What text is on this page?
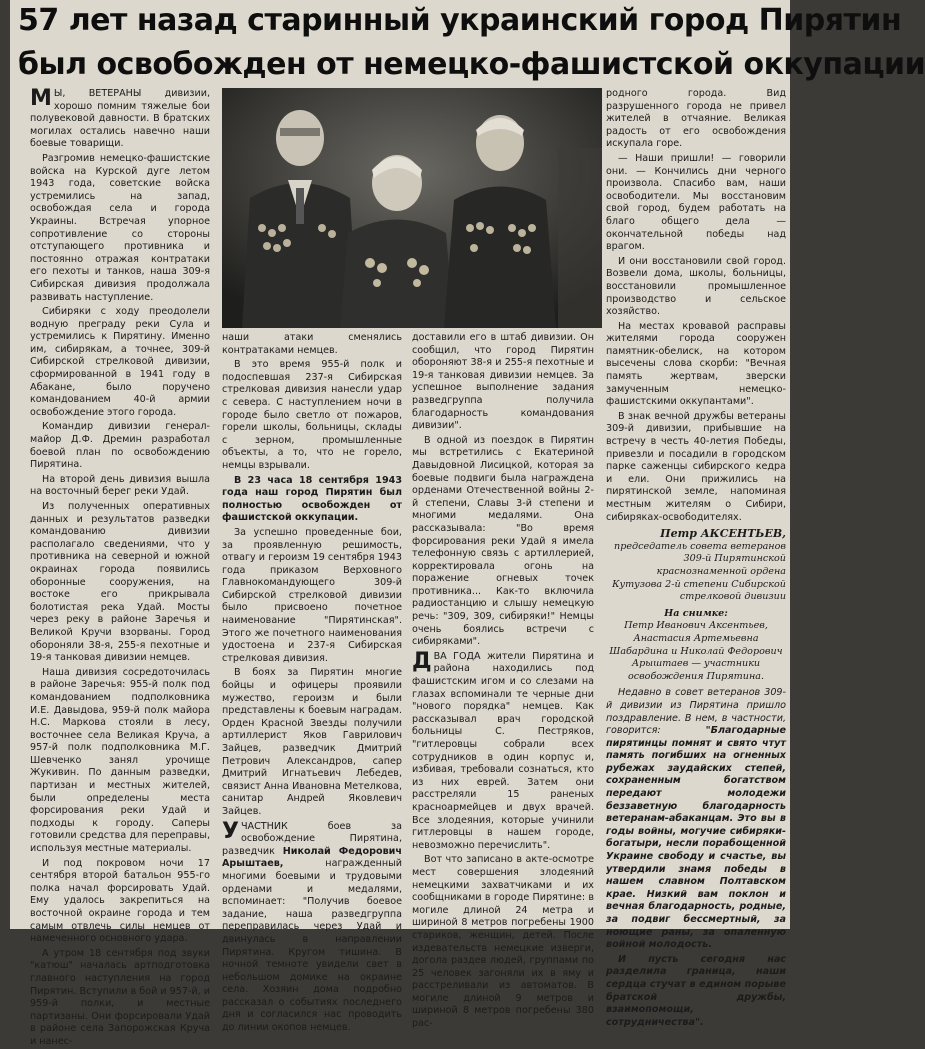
57 лет назад старинный украинский город Пирятин
был освобожден от немецко-фашистской оккупации

М Ы, ВЕТЕРАНЫ дивизии, хорошо помним тяжелые бои полувековой давности. В братских могилах остались навечно наши боевые товарищи.

Разгромив немецко-фашистские войска на Курской дуге летом 1943 года, советские войска устремились на запад, освобождая села и города Украины. Встречая упорное сопротивление со стороны отступающего противника и постоянно отражая контратаки его пехоты и танков, наша 309-я Сибирская дивизия продолжала развивать наступление.

Сибиряки с ходу преодолели водную преграду реки Сула и устремились к Пирятину. Именно им, сибирякам, а точнее, 309-й Сибирской стрелковой дивизии, сформированной в 1941 году в Абакане, было поручено командованием 40-й армии освобождение этого города.

Командир дивизии генерал-майор Д.Ф. Дремин разработал боевой план по освобождению Пирятина.

На второй день дивизия вышла на восточный берег реки Удай.

Из полученных оперативных данных и результатов разведки командованию дивизии располагало сведениями, что у противника на северной и южной окраинах города появились оборонные сооружения, на востоке его прикрывала болотистая река Удай. Мосты через реку в районе Заречья и Великой Кручи взорваны. Город обороняли 38-я, 255-я пехотные и 19-я танковая дивизии немцев.

Наша дивизия сосредоточилась в районе Заречья: 955-й полк под командованием подполковника И.Е. Давыдова, 959-й полк майора Н.С. Маркова стояли в лесу, восточнее села Великая Круча, а 957-й полк подполковника М.Г. Шевченко занял урочище Жукивин. По данным разведки, партизан и местных жителей, были определены места форсирования реки Удай и подходы к городу. Саперы готовили средства для переправы, используя местные материалы.

И под покровом ночи 17 сентября второй батальон 955-го полка начал форсировать Удай. Ему удалось закрепиться на восточной окраине города и тем самым отвлечь силы немцев от намеченного основного удара.

А утром 18 сентября под звуки "катюш" началась артподготовка главного наступления на город Пирятин. Вступили в бой и 957-й, и 959-й полки, и местные партизаны. Они форсировали Удай в районе села Запорожская Круча и нанес-

наши атаки сменялись контратаками немцев.

В это время 955-й полк и подоспевшая 237-я Сибирская стрелковая дивизия нанесли удар с севера. С наступлением ночи в городе было светло от пожаров, горели школы, больницы, склады с зерном, промышленные объекты, а то, что не горело, немцы взрывали.

В 23 часа 18 сентября 1943 года наш город Пирятин был полностью освобожден от фашистской оккупации.

За успешно проведенные бои, за проявленную решимость, отвагу и героизм 19 сентября 1943 года приказом Верховного Главнокомандующего 309-й Сибирской стрелковой дивизии было присвоено почетное наименование "Пирятинская". Этого же почетного наименования удостоена и 237-я Сибирская стрелковая дивизия.

В боях за Пирятин многие бойцы и офицеры проявили мужество, героизм и были представлены к боевым наградам. Орден Красной Звезды получили артиллерист Яков Гаврилович Зайцев, разведчик Дмитрий Петрович Александров, сапер Дмитрий Игнатьевич Лебедев, связист Анна Ивановна Метелкова, санитар Андрей Яковлевич Зайцев.

УЧАСТНИК боев за освобождение Пирятина, разведчик Николай Федорович Арыштаев,	награжденный многими боевыми и трудовыми орденами и медалями, вспоминает: "Получив боевое задание, наша разведгруппа переправилась через Удай и двинулась в направлении Пирятина. Кругом тишина. В ночной темноте увидели свет в небольшом домике на окраине села. Хозяин дома подробно рассказал о событиях последнего дня и согласился нас проводить до линии окопов немцев.

доставили его в штаб дивизии. Он сообщил, что город Пирятин обороняют 38-я и 255-я пехотные и 19-я танковая дивизии немцев. За успешное выполнение задания разведгруппа получила благодарность командования дивизии".

В одной из поездок в Пирятин мы встретились с Екатериной Давыдовной Лисицкой, которая за боевые подвиги была награждена орденами Отечественной войны 2-й степени, Славы 3-й степени и многими медалями. Она рассказывала: "Во время форсирования реки Удай я имела телефонную связь с артиллерией, корректировала огонь на поражение огневых точек противника... Как-то включила радиостанцию и слышу немецкую речь: "309, 309, сибиряки!" Немцы очень боялись встречи с сибиряками".

ДВА ГОДА жители Пирятина и района находились под фашистским игом и со слезами на глазах вспоминали те черные дни "нового порядка" немцев. Как рассказывал врач городской больницы С. Пестряков, "гитлеровцы собрали всех сотрудников в один корпус и, избивая, требовали сознаться, кто из них еврей. Затем они расстреляли 15 раненых красноармейцев и двух врачей. Все злодеяния, которые учинили гитлеровцы в нашем городе, невозможно перечислить".

Вот что записано в акте-осмотре мест совершения злодеяний немецкими захватчиками и их сообщниками в городе Пирятине: в могиле длиной 24 метра и шириной 8 метров погребены 1900 стариков, женщин, детей. После издевательств немецкие изверги, догола раздев людей, группами по 25 человек загоняли их в яму и расстреливали из автоматов. В могиле длиной 9 метров и шириной 8 метров погребены 380 рас-

родного города. Вид разрушенного города не привел жителей в отчаяние. Великая радость от его освобождения искупала горе.

— Наши пришли! — говорили они. — Кончились дни черного произвола. Спасибо вам, наши освободители. Мы восстановим свой город, будем работать на благо общего дела — окончательной победы над врагом.

И они восстановили свой город. Возвели дома, школы, больницы, восстановили промышленное производство и сельское хозяйство.

На местах кровавой расправы жителями города сооружен памятник-обелиск, на котором высечены слова скорби: "Вечная память жертвам, зверски замученным немецко-фашистскими оккупантами".

В знак вечной дружбы ветераны 309-й дивизии, прибывшие на встречу в честь 40-летия Победы, привезли и посадили в городском парке саженцы сибирского кедра и ели. Они прижились на пирятинской земле, напоминая местным жителям о Сибири, сибиряках-освободителях.

Петр АКСЕНТЬЕВ,
председатель совета ветеранов 309-й Пирятинской краснознаменной ордена Кутузова 2-й степени Сибирской стрелковой дивизии
На снимке:
Петр Иванович Аксентьев, Анастасия Артемьевна Шабардина и Николай Федорович Арыштаев — участники освобождения Пирятина.

Недавно в совет ветеранов 309-й дивизии из Пирятина пришло поздравление. В нем, в частности, говорится:	"Благодарные пирятинцы помнят и свято чтут память погибших на огненных рубежах заудайских степей, сохраненным богатством передают молодежи беззаветную благодарность ветеранам-абаканцам. Это вы в годы войны, могучие сибиряки-богатыри, несли порабощенной Украине свободу и счастье, вы утвердили знамя победы в нашем славном Полтавском крае. Низкий вам поклон и вечная благодарность, родные, за подвиг бессмертный, за ноющие раны, за опаленную войной молодость.

И пусть сегодня нас разделила граница, наши сердца стучат в едином порыве братской дружбы, взаимопомощи, сотрудничества".
